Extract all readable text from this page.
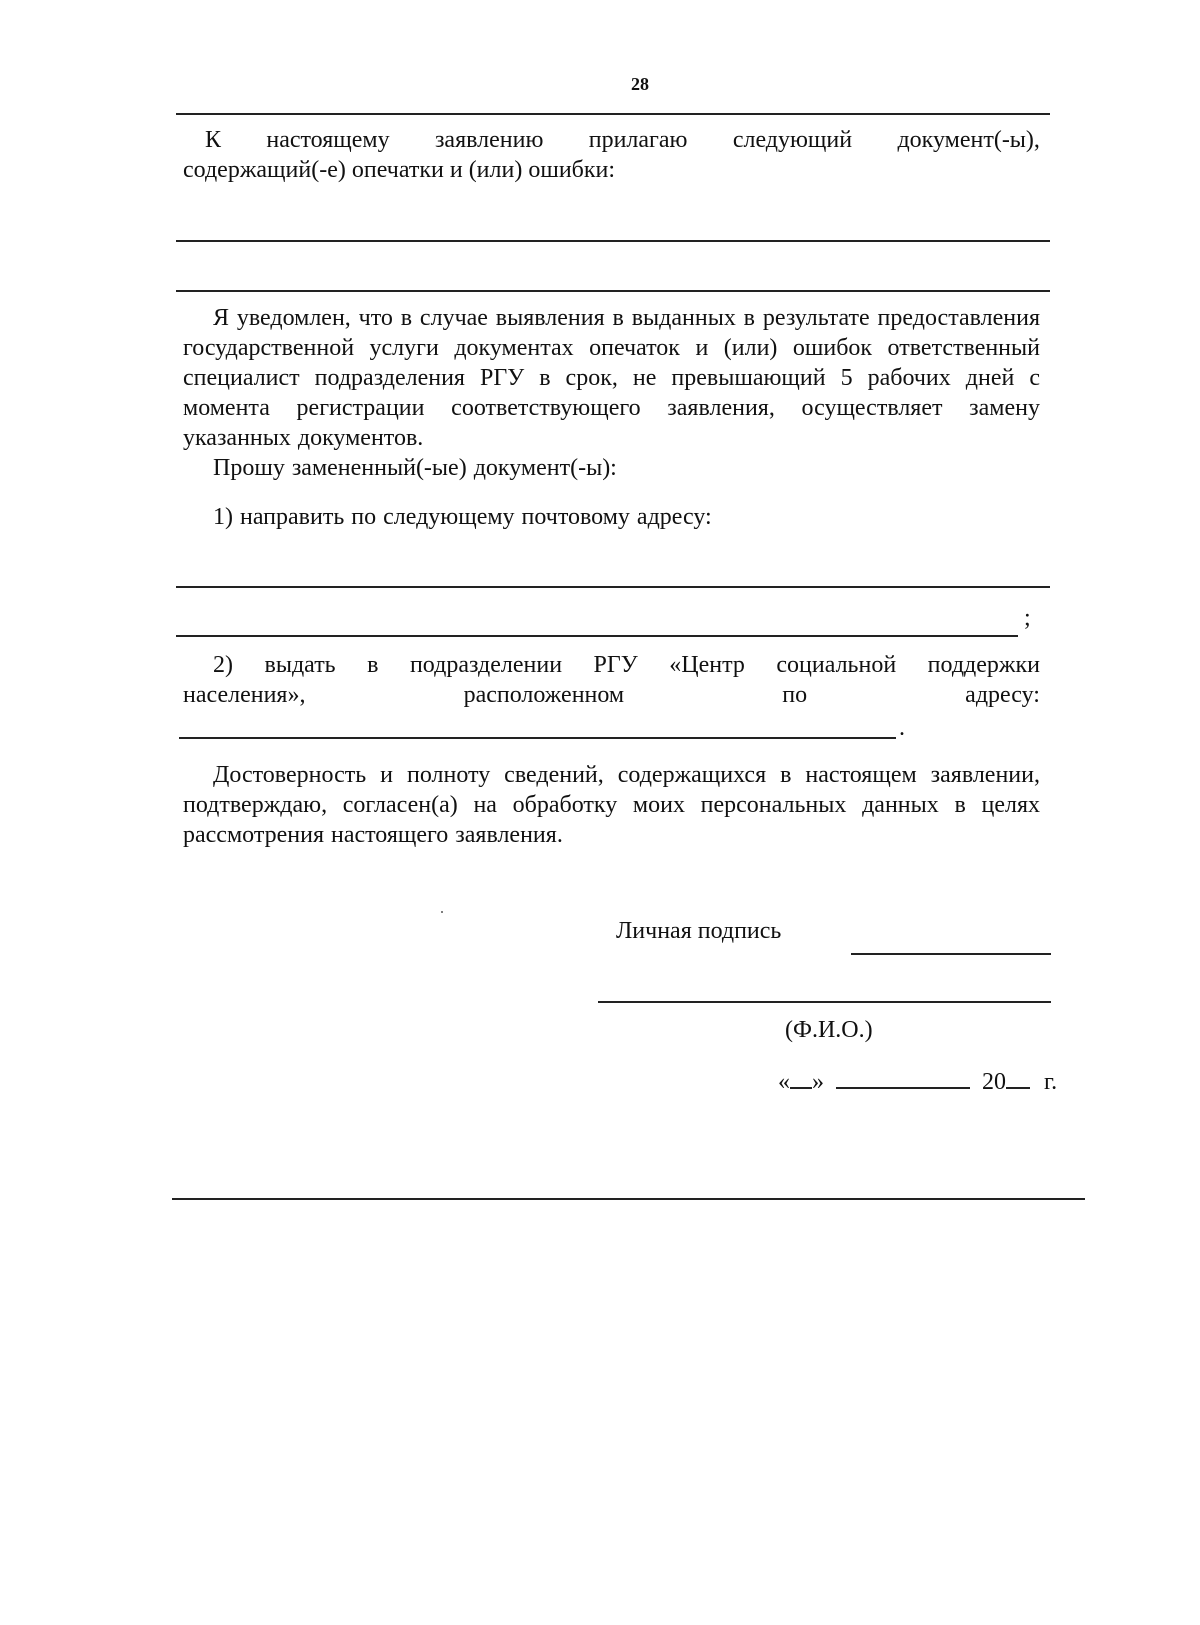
28
К настоящему заявлению прилагаю следующий документ(-ы),
содержащий(-е) опечатки и (или) ошибки:

Я уведомлен, что в случае выявления в выданных в результате предоставления государственной услуги документах опечаток и (или) ошибок ответственный специалист подразделения РГУ в срок, не превышающий 5 рабочих дней с момента регистрации соответствующего заявления, осуществляет замену указанных документов.

Прошу замененный(-ые) документ(-ы):

1) направить по следующему почтовому адресу:

;

2) выдать в подразделении РГУ «Центр социальной поддержки

населения»,	расположенном	по	адресу:
.

Достоверность и полноту сведений, содержащихся в настоящем заявлении, подтверждаю, согласен(а) на обработку моих персональных данных в целях рассмотрения настоящего заявления.

Личная подпись
(Ф.И.О.)
« »	20 г.
